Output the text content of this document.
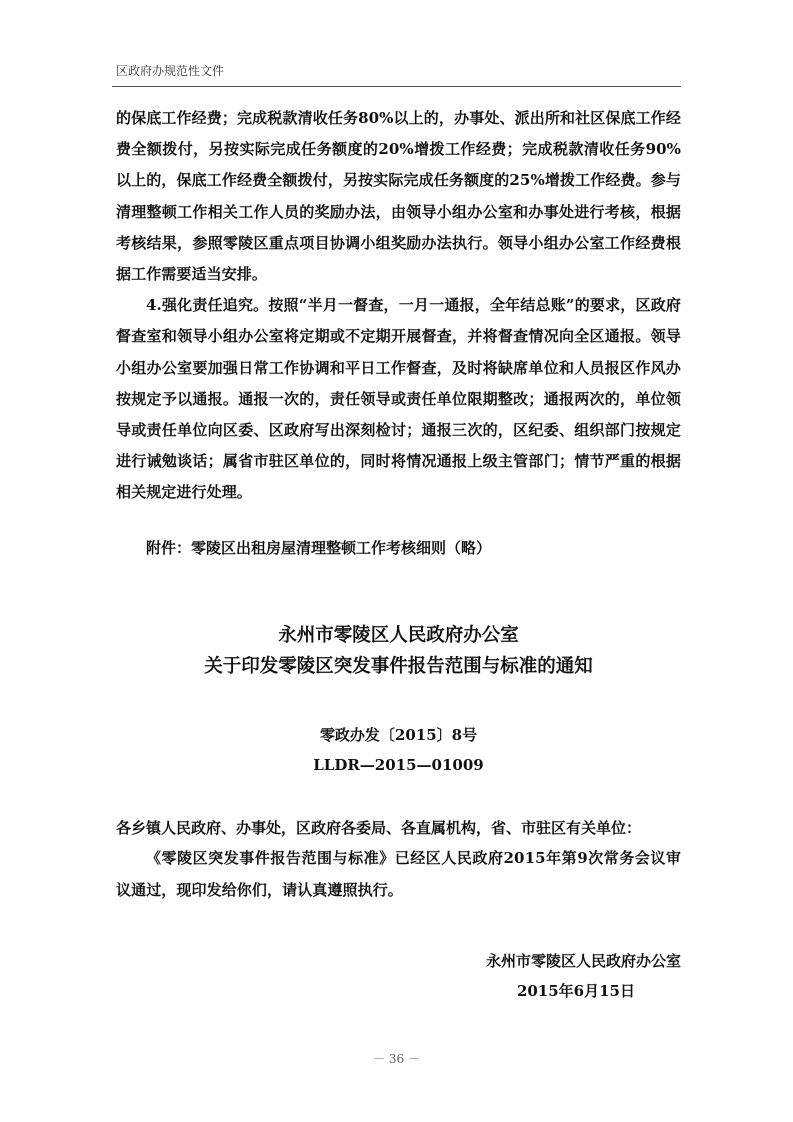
区政府办规范性文件

的保底工作经费；完成税款清收任务80%以上的，办事处、派出所和社区保底工作经费全额拨付，另按实际完成任务额度的20%增拨工作经费；完成税款清收任务90%以上的，保底工作经费全额拨付，另按实际完成任务额度的25%增拨工作经费。参与清理整顿工作相关工作人员的奖励办法，由领导小组办公室和办事处进行考核，根据考核结果，参照零陵区重点项目协调小组奖励办法执行。领导小组办公室工作经费根据工作需要适当安排。

4.强化责任追究。按照“半月一督查，一月一通报，全年结总账”的要求，区政府督查室和领导小组办公室将定期或不定期开展督查，并将督查情况向全区通报。领导小组办公室要加强日常工作协调和平日工作督查，及时将缺席单位和人员报区作风办按规定予以通报。通报一次的，责任领导或责任单位限期整改；通报两次的，单位领导或责任单位向区委、区政府写出深刻检讨；通报三次的，区纪委、组织部门按规定进行诫勉谈话；属省市驻区单位的，同时将情况通报上级主管部门；情节严重的根据相关规定进行处理。

附件：零陵区出租房屋清理整顿工作考核细则（略）

永州市零陵区人民政府办公室

关于印发零陵区突发事件报告范围与标准的通知

零政办发〔2015〕8号

LLDR—2015—01009

各乡镇人民政府、办事处，区政府各委局、各直属机构，省、市驻区有关单位：

《零陵区突发事件报告范围与标准》已经区人民政府2015年第9次常务会议审议通过，现印发给你们，请认真遵照执行。

永州市零陵区人民政府办公室

2015年6月15日

－ 36 －
